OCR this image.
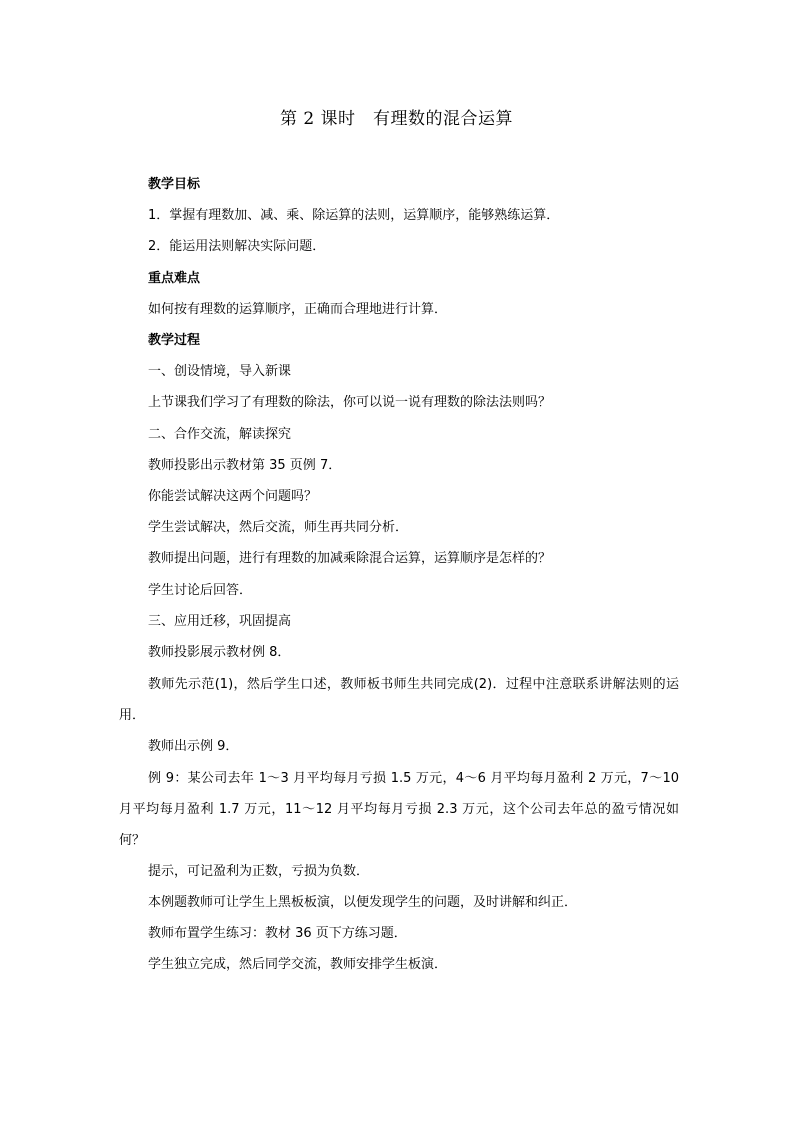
第 2 课时　有理数的混合运算
教学目标
1．掌握有理数加、减、乘、除运算的法则，运算顺序，能够熟练运算．
2．能运用法则解决实际问题．
重点难点
如何按有理数的运算顺序，正确而合理地进行计算．
教学过程
一、创设情境，导入新课
上节课我们学习了有理数的除法，你可以说一说有理数的除法法则吗？
二、合作交流，解读探究
教师投影出示教材第 35 页例 7．
你能尝试解决这两个问题吗？
学生尝试解决，然后交流，师生再共同分析．
教师提出问题，进行有理数的加减乘除混合运算，运算顺序是怎样的？
学生讨论后回答．
三、应用迁移，巩固提高
教师投影展示教材例 8．
教师先示范(1)，然后学生口述，教师板书师生共同完成(2)．过程中注意联系讲解法则的运用．
教师出示例 9．
例 9：某公司去年 1～3 月平均每月亏损 1.5 万元，4～6 月平均每月盈利 2 万元，7～10 月平均每月盈利 1.7 万元，11～12 月平均每月亏损 2.3 万元，这个公司去年总的盈亏情况如何？
提示，可记盈利为正数，亏损为负数．
本例题教师可让学生上黑板板演，以便发现学生的问题，及时讲解和纠正．
教师布置学生练习：教材 36 页下方练习题．
学生独立完成，然后同学交流，教师安排学生板演．
